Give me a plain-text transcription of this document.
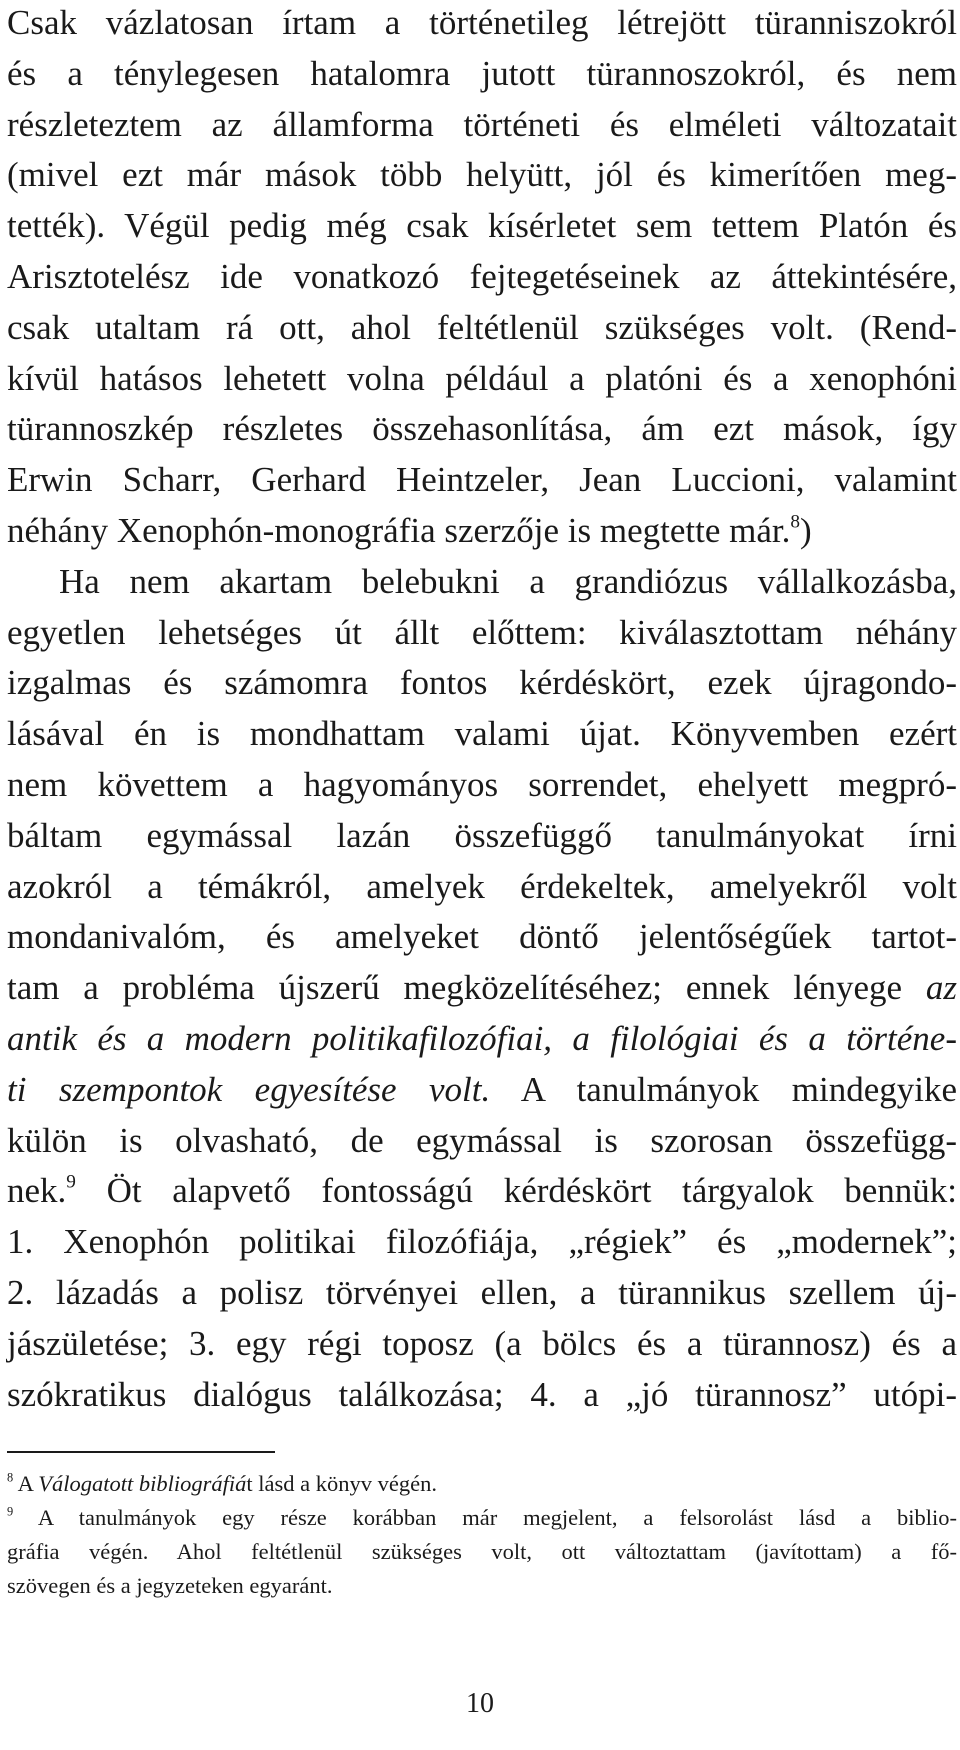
Csak vázlatosan írtam a történetileg létrejött türanniszokról
és a ténylegesen hatalomra jutott türannoszokról, és nem
részleteztem az államforma történeti és elméleti változatait
(mivel ezt már mások több helyütt, jól és kimerítően meg-
tették). Végül pedig még csak kísérletet sem tettem Platón és
Arisztotelész ide vonatkozó fejtegetéseinek az áttekintésére,
csak utaltam rá ott, ahol feltétlenül szükséges volt. (Rend-
kívül hatásos lehetett volna például a platóni és a xenophóni
türannoszkép részletes összehasonlítása, ám ezt mások, így
Erwin Scharr, Gerhard Heintzeler, Jean Luccioni, valamint
néhány Xenophón-monográfia szerzője is megtette már.$^8$)
Ha nem akartam belebukni a grandiózus vállalkozásba,
egyetlen lehetséges út állt előttem: kiválasztottam néhány
izgalmas és számomra fontos kérdéskört, ezek újragondo-
lásával én is mondhattam valami újat. Könyvemben ezért
nem követtem a hagyományos sorrendet, ehelyett megpró-
báltam egymással lazán összefüggő tanulmányokat írni
azokról a témákról, amelyek érdekeltek, amelyekről volt
mondanivalóm, és amelyeket döntő jelentőségűek tartot-
tam a probléma újszerű megközelítéséhez; ennek lényege az
antik és a modern politikafilozófiai, a filológiai és a történe-
ti szempontok egyesítése volt. A tanulmányok mindegyike
külön is olvasható, de egymással is szorosan összefügg-
nek.$^9$ Öt alapvető fontosságú kérdéskört tárgyalok bennük:
1. Xenophón politikai filozófiája, „régiek” és „modernek”;
2. lázadás a polisz törvényei ellen, a türannikus szellem új-
jászületése; 3. egy régi toposz (a bölcs és a türannosz) és a
szókratikus dialógus találkozása; 4. a „jó türannosz” utópi-
$^8$ A Válogatott bibliográfiát lásd a könyv végén.
$^9$ A tanulmányok egy része korábban már megjelent, a felsorolást lásd a biblio-
gráfia végén. Ahol feltétlenül szükséges volt, ott változtattam (javítottam) a fő-
szövegen és a jegyzeteken egyaránt.
10
